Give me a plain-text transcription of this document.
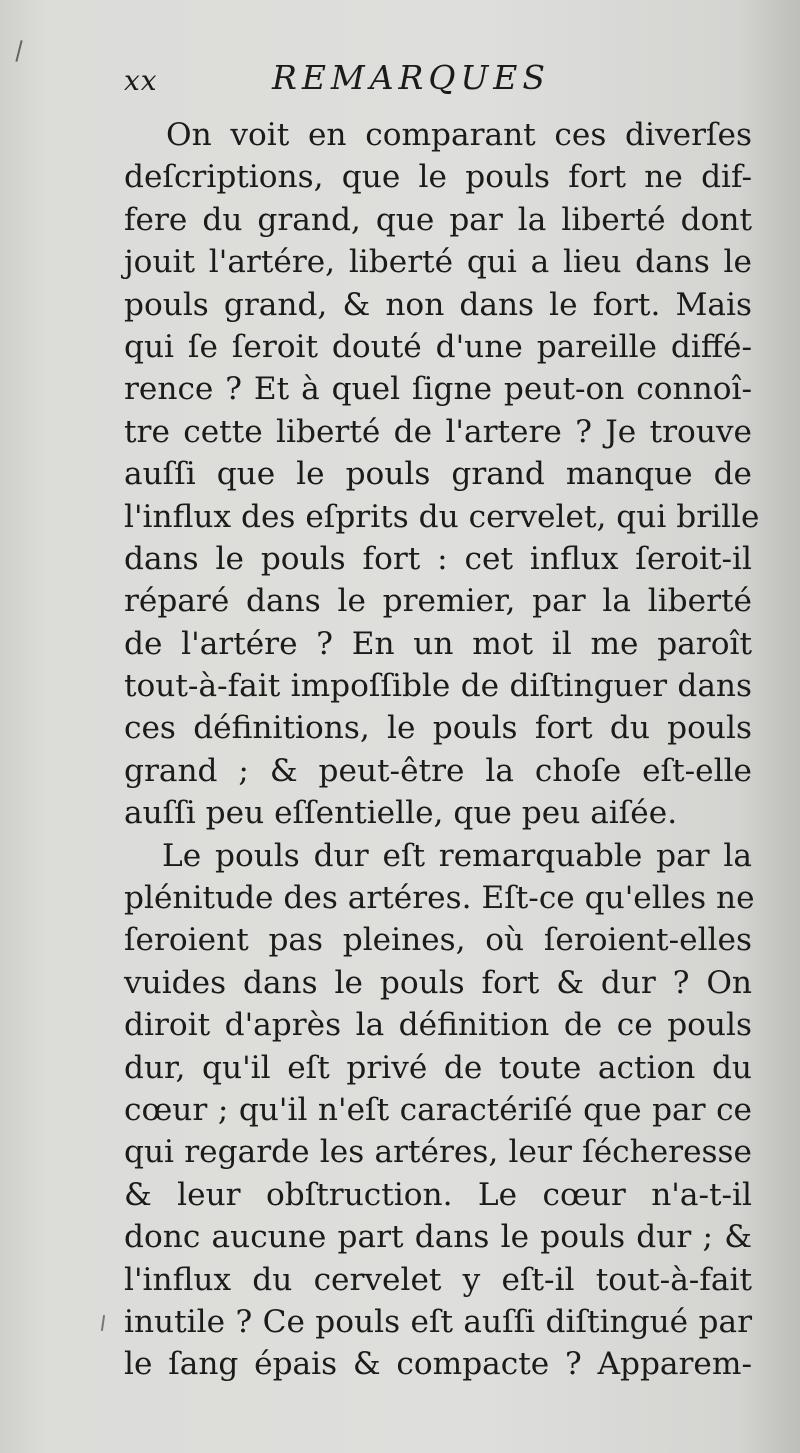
xx	REMARQUES
On voit en comparant ces diverſes
deſcriptions, que le pouls fort ne dif-
fere du grand, que par la liberté dont
jouit l'artére, liberté qui a lieu dans le
pouls grand, & non dans le fort. Mais
qui ſe ſeroit douté d'une pareille diffé-
rence ? Et à quel ſigne peut-on connoî-
tre cette liberté de l'artere ? Je trouve
auſſi que le pouls grand manque de
l'influx des eſprits du cervelet, qui brille
dans le pouls fort : cet influx ſeroit-il
réparé dans le premier, par la liberté
de l'artére ? En un mot il me paroît
tout-à-fait impoſſible de diſtinguer dans
ces définitions, le pouls fort du pouls
grand ; & peut-être la choſe eſt-elle
auſſi peu eſſentielle, que peu aiſée.
Le pouls dur eſt remarquable par la
plénitude des artéres. Eſt-ce qu'elles ne
ſeroient pas pleines, où ſeroient-elles
vuides dans le pouls fort & dur ? On
diroit d'après la définition de ce pouls
dur, qu'il eſt privé de toute action du
cœur ; qu'il n'eſt caractériſé que par ce
qui regarde les artéres, leur ſécheresse
& leur obſtruction. Le cœur n'a-t-il
donc aucune part dans le pouls dur ; &
l'influx du cervelet y eſt-il tout-à-fait
inutile ? Ce pouls eſt auſſi diſtingué par
le ſang épais & compacte ? Apparem-
